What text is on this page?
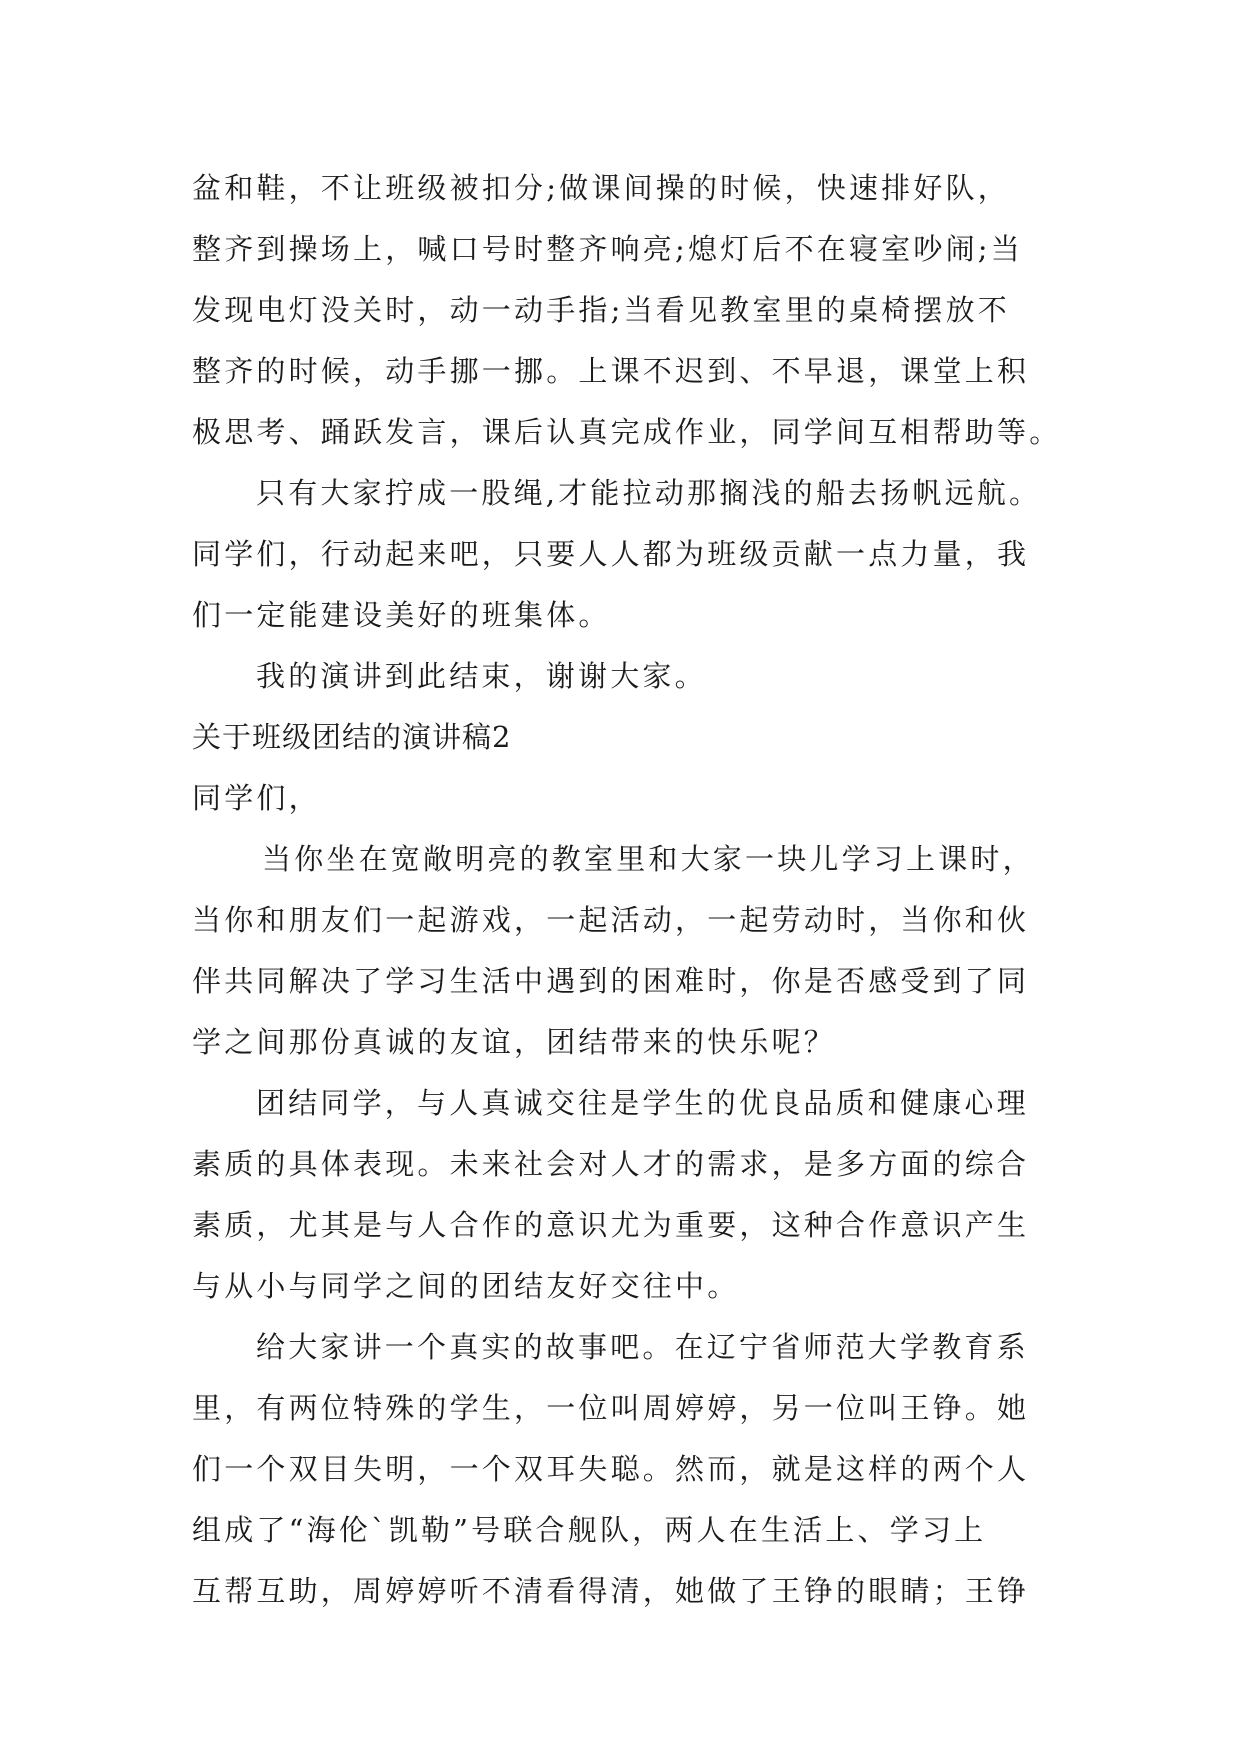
盆和鞋，不让班级被扣分;做课间操的时候，快速排好队，
整齐到操场上，喊口号时整齐响亮;熄灯后不在寝室吵闹;当
发现电灯没关时，动一动手指;当看见教室里的桌椅摆放不
整齐的时候，动手挪一挪。上课不迟到、不早退，课堂上积
极思考、踊跃发言，课后认真完成作业，同学间互相帮助等。
只有大家拧成一股绳,才能拉动那搁浅的船去扬帆远航。
同学们，行动起来吧，只要人人都为班级贡献一点力量，我
们一定能建设美好的班集体。
我的演讲到此结束，谢谢大家。
关于班级团结的演讲稿2
同学们，
当你坐在宽敞明亮的教室里和大家一块儿学习上课时，
当你和朋友们一起游戏，一起活动，一起劳动时，当你和伙
伴共同解决了学习生活中遇到的困难时，你是否感受到了同
学之间那份真诚的友谊，团结带来的快乐呢？
团结同学，与人真诚交往是学生的优良品质和健康心理
素质的具体表现。未来社会对人才的需求，是多方面的综合
素质，尤其是与人合作的意识尤为重要，这种合作意识产生
与从小与同学之间的团结友好交往中。
给大家讲一个真实的故事吧。在辽宁省师范大学教育系
里，有两位特殊的学生，一位叫周婷婷，另一位叫王铮。她
们一个双目失明，一个双耳失聪。然而，就是这样的两个人
组成了“海伦`凯勒”号联合舰队，两人在生活上、学习上
互帮互助，周婷婷听不清看得清，她做了王铮的眼睛；王铮
